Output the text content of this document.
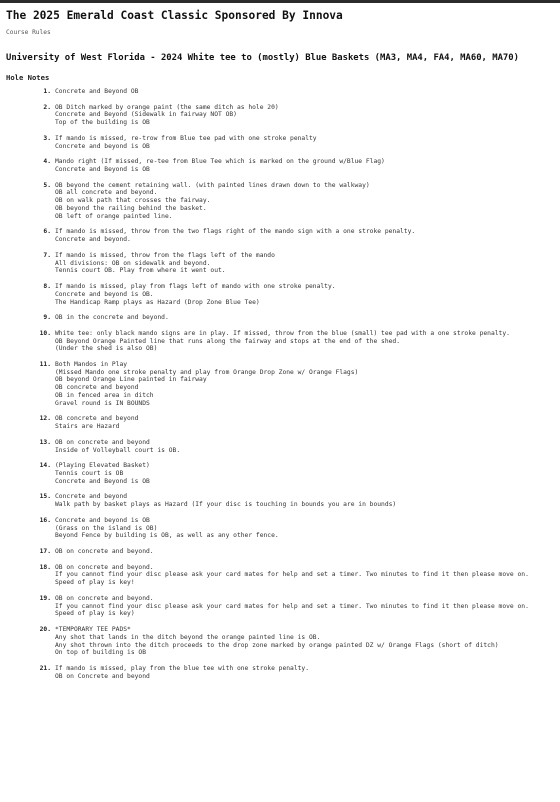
The 2025 Emerald Coast Classic Sponsored By Innova
Course Rules
University of West Florida - 2024 White tee to (mostly) Blue Baskets (MA3, MA4, FA4, MA60, MA70)
Hole Notes
1. Concrete and Beyond OB
2. OB Ditch marked by orange paint (the same ditch as hole 20)
Concrete and Beyond (Sidewalk in fairway NOT OB)
Top of the building is OB
3. If mando is missed, re-trow from Blue tee pad with one stroke penalty
Concrete and beyond is OB
4. Mando right (If missed, re-tee from Blue Tee which is marked on the ground w/Blue Flag)
Concrete and Beyond is OB
5. OB beyond the cement retaining wall. (with painted lines drawn down to the walkway)
OB all concrete and beyond.
OB on walk path that crosses the fairway.
OB beyond the railing behind the basket.
OB left of orange painted line.
6. If mando is missed, throw from the two flags right of the mando sign with a one stroke penalty.
Concrete and beyond.
7. If mando is missed, throw from the flags left of the mando
All divisions: OB on sidewalk and beyond.
Tennis court OB. Play from where it went out.
8. If mando is missed, play from flags left of mando with one stroke penalty.
Concrete and beyond is OB.
The Handicap Ramp plays as Hazard (Drop Zone Blue Tee)
9. OB in the concrete and beyond.
10. White tee: only black mando signs are in play. If missed, throw from the blue (small) tee pad with a one stroke penalty.
OB Beyond Orange Painted line that runs along the fairway and stops at the end of the shed.
(Under the shed is also OB)
11. Both Mandos in Play
(Missed Mando one stroke penalty and play from Orange Drop Zone w/ Orange Flags)
OB beyond Orange Line painted in fairway
OB concrete and beyond
OB in fenced area in ditch
Gravel round is IN BOUNDS
12. OB concrete and beyond
Stairs are Hazard
13. OB on concrete and beyond
Inside of Volleyball court is OB.
14. (Playing Elevated Basket)
Tennis court is OB
Concrete and Beyond is OB
15. Concrete and beyond
Walk path by basket plays as Hazard (If your disc is touching in bounds you are in bounds)
16. Concrete and beyond is OB
(Grass on the island is OB)
Beyond Fence by building is OB, as well as any other fence.
17. OB on concrete and beyond.
18. OB on concrete and beyond.
If you cannot find your disc please ask your card mates for help and set a timer. Two minutes to find it then please move on. Speed of play is key!
19. OB on concrete and beyond.
If you cannot find your disc please ask your card mates for help and set a timer. Two minutes to find it then please move on. Speed of play is key)
20. *TEMPORARY TEE PADS*
Any shot that lands in the ditch beyond the orange painted line is OB.
Any shot thrown into the ditch proceeds to the drop zone marked by orange painted DZ w/ Orange Flags (short of ditch)
On top of building is OB
21. If mando is missed, play from the blue tee with one stroke penalty.
OB on Concrete and beyond
